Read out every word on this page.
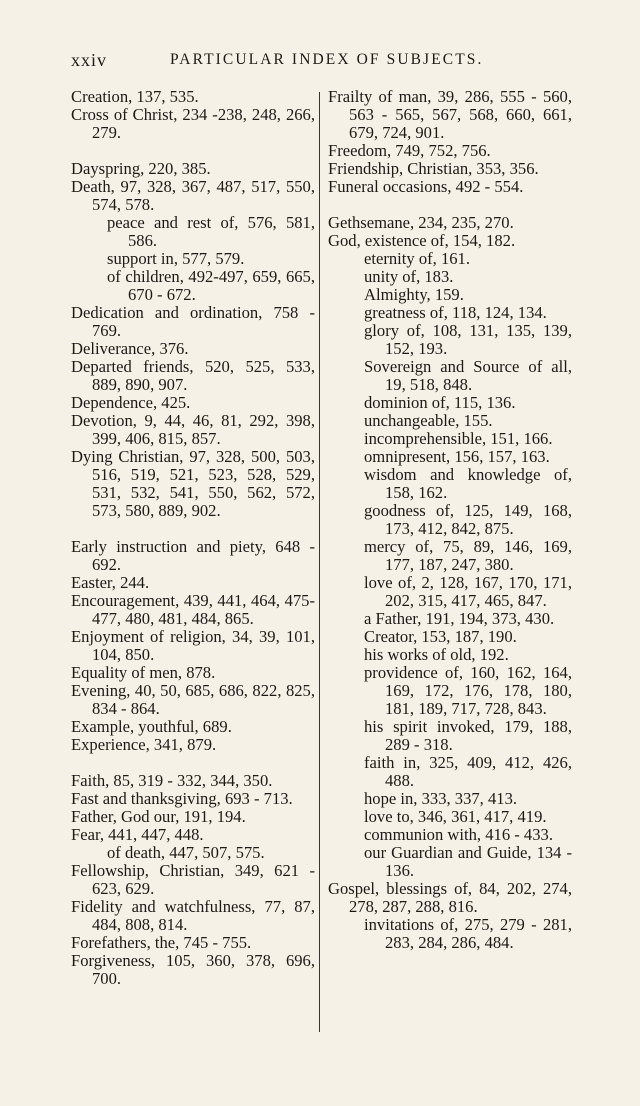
xxiv	PARTICULAR INDEX OF SUBJECTS.
Creation, 137, 535.
Cross of Christ, 234 -238, 248, 266, 279.
Dayspring, 220, 385.
Death, 97, 328, 367, 487, 517, 550, 574, 578.
peace and rest of, 576, 581, 586.
support in, 577, 579.
of children, 492-497, 659, 665, 670 - 672.
Dedication and ordination, 758 - 769.
Deliverance, 376.
Departed friends, 520, 525, 533, 889, 890, 907.
Dependence, 425.
Devotion, 9, 44, 46, 81, 292, 398, 399, 406, 815, 857.
Dying Christian, 97, 328, 500, 503, 516, 519, 521, 523, 528, 529, 531, 532, 541, 550, 562, 572, 573, 580, 889, 902.
Early instruction and piety, 648 - 692.
Easter, 244.
Encouragement, 439, 441, 464, 475-477, 480, 481, 484, 865.
Enjoyment of religion, 34, 39, 101, 104, 850.
Equality of men, 878.
Evening, 40, 50, 685, 686, 822, 825, 834 - 864.
Example, youthful, 689.
Experience, 341, 879.
Faith, 85, 319 - 332, 344, 350.
Fast and thanksgiving, 693 - 713.
Father, God our, 191, 194.
Fear, 441, 447, 448.
of death, 447, 507, 575.
Fellowship, Christian, 349, 621 - 623, 629.
Fidelity and watchfulness, 77, 87, 484, 808, 814.
Forefathers, the, 745 - 755.
Forgiveness, 105, 360, 378, 696, 700.
Frailty of man, 39, 286, 555 - 560, 563 - 565, 567, 568, 660, 661, 679, 724, 901.
Freedom, 749, 752, 756.
Friendship, Christian, 353, 356.
Funeral occasions, 492 - 554.
Gethsemane, 234, 235, 270.
God, existence of, 154, 182.
eternity of, 161.
unity of, 183.
Almighty, 159.
greatness of, 118, 124, 134.
glory of, 108, 131, 135, 139, 152, 193.
Sovereign and Source of all, 19, 518, 848.
dominion of, 115, 136.
unchangeable, 155.
incomprehensible, 151, 166.
omnipresent, 156, 157, 163.
wisdom and knowledge of, 158, 162.
goodness of, 125, 149, 168, 173, 412, 842, 875.
mercy of, 75, 89, 146, 169, 177, 187, 247, 380.
love of, 2, 128, 167, 170, 171, 202, 315, 417, 465, 847.
a Father, 191, 194, 373, 430.
Creator, 153, 187, 190.
his works of old, 192.
providence of, 160, 162, 164, 169, 172, 176, 178, 180, 181, 189, 717, 728, 843.
his spirit invoked, 179, 188, 289 - 318.
faith in, 325, 409, 412, 426, 488.
hope in, 333, 337, 413.
love to, 346, 361, 417, 419.
communion with, 416 - 433.
our Guardian and Guide, 134 - 136.
Gospel, blessings of, 84, 202, 274, 278, 287, 288, 816.
invitations of, 275, 279 - 281, 283, 284, 286, 484.
